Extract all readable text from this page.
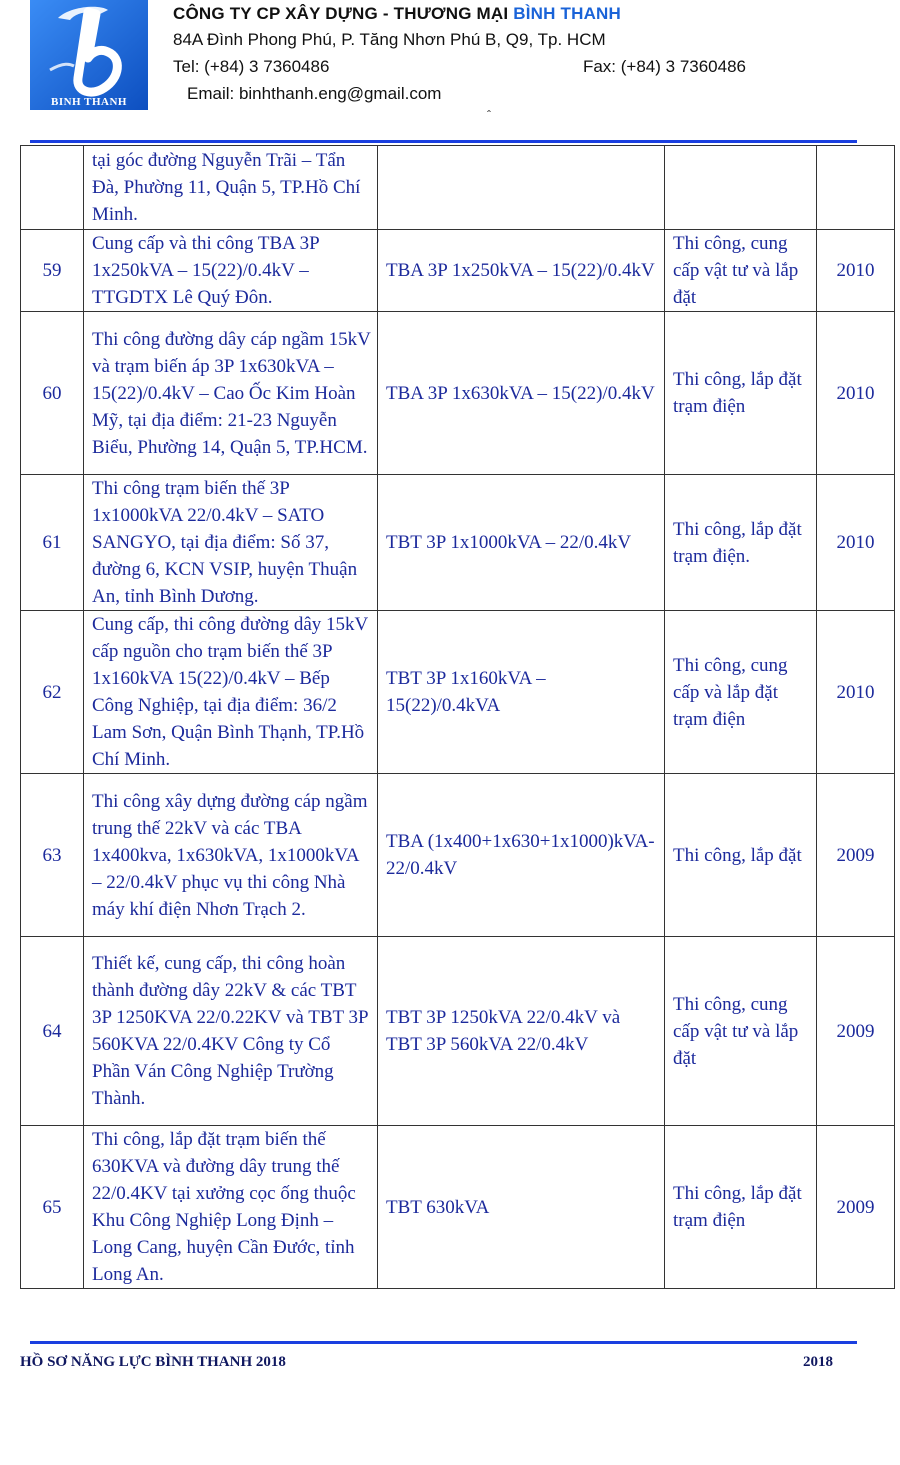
BINH THANH
CÔNG TY CP XÂY DỰNG - THƯƠNG MẠI BÌNH THANH
84A Đình Phong Phú, P. Tăng Nhơn Phú B, Q9, Tp. HCM
Tel: (+84) 3 7360486	Fax: (+84) 3 7360486
Email: binhthanh.eng@gmail.com
ˆ
	tại góc đường Nguyễn Trãi – Tẩn Đà, Phường 11, Quận 5, TP.Hồ Chí Minh.			
59	Cung cấp và thi công TBA 3P 1x250kVA – 15(22)/0.4kV – TTGDTX Lê Quý Đôn.	TBA 3P 1x250kVA – 15(22)/0.4kV	Thi công, cung cấp vật tư và lắp đặt	2010
60	Thi công đường dây cáp ngầm 15kV và trạm biến áp 3P 1x630kVA – 15(22)/0.4kV – Cao Ốc Kim Hoàn Mỹ, tại địa điểm: 21-23 Nguyễn Biểu, Phường 14, Quận 5, TP.HCM.	TBA 3P 1x630kVA – 15(22)/0.4kV	Thi công, lắp đặt trạm điện	2010
61	Thi công trạm biến thế 3P 1x1000kVA 22/0.4kV – SATO SANGYO, tại địa điểm: Số 37, đường 6, KCN VSIP, huyện Thuận An, tỉnh Bình Dương.	TBT 3P 1x1000kVA – 22/0.4kV	Thi công, lắp đặt trạm điện.	2010
62	Cung cấp, thi công đường dây 15kV cấp nguồn cho trạm biến thế 3P 1x160kVA 15(22)/0.4kV – Bếp Công Nghiệp, tại địa điểm: 36/2 Lam Sơn, Quận Bình Thạnh, TP.Hồ Chí Minh.	TBT 3P 1x160kVA – 15(22)/0.4kVA	Thi công, cung cấp và lắp đặt trạm điện	2010
63	Thi công xây dựng đường cáp ngầm trung thế 22kV và các TBA 1x400kva, 1x630kVA, 1x1000kVA – 22/0.4kV phục vụ thi công Nhà máy khí điện Nhơn Trạch 2.	TBA (1x400+1x630+1x1000)kVA-22/0.4kV	Thi công, lắp đặt	2009
64	Thiết kế, cung cấp, thi công hoàn thành đường dây 22kV & các TBT 3P 1250KVA 22/0.22KV và TBT 3P 560KVA 22/0.4KV Công ty Cổ Phần Ván Công Nghiệp Trường Thành.	TBT 3P 1250kVA 22/0.4kV và TBT 3P 560kVA 22/0.4kV	Thi công, cung cấp vật tư và lắp đặt	2009
65	Thi công, lắp đặt trạm biến thế 630KVA và đường dây trung thế 22/0.4KV tại xưởng cọc ống thuộc Khu Công Nghiệp Long Định – Long Cang, huyện Cần Đước, tỉnh Long An.	TBT 630kVA	Thi công, lắp đặt trạm điện	2009
HỒ SƠ NĂNG LỰC BÌNH THANH 2018	2018
